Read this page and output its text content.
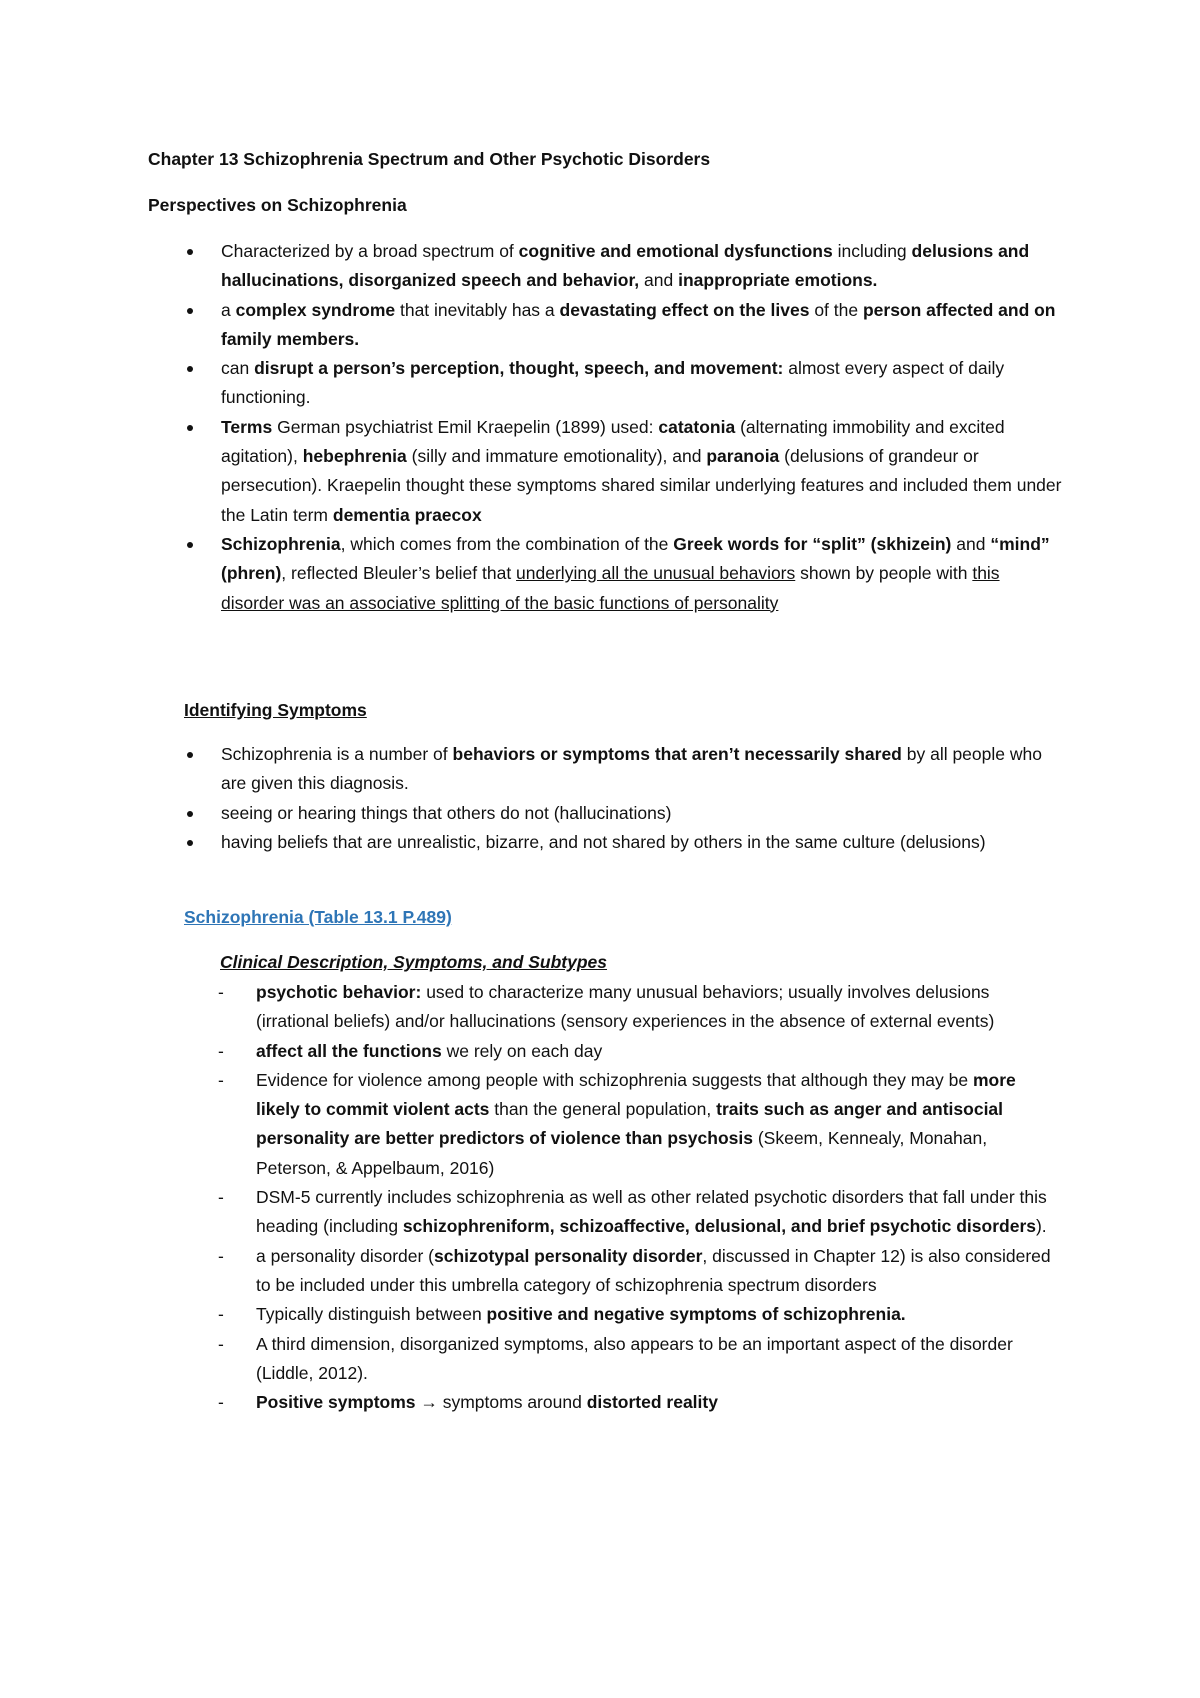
Chapter 13 Schizophrenia Spectrum and Other Psychotic Disorders
Perspectives on Schizophrenia
Characterized by a broad spectrum of cognitive and emotional dysfunctions including delusions and hallucinations, disorganized speech and behavior, and inappropriate emotions.
a complex syndrome that inevitably has a devastating effect on the lives of the person affected and on family members.
can disrupt a person’s perception, thought, speech, and movement: almost every aspect of daily functioning.
Terms German psychiatrist Emil Kraepelin (1899) used: catatonia (alternating immobility and excited agitation), hebephrenia (silly and immature emotionality), and paranoia (delusions of grandeur or persecution). Kraepelin thought these symptoms shared similar underlying features and included them under the Latin term dementia praecox
Schizophrenia, which comes from the combination of the Greek words for “split” (skhizein) and “mind” (phren), reflected Bleuler’s belief that underlying all the unusual behaviors shown by people with this disorder was an associative splitting of the basic functions of personality
Identifying Symptoms
Schizophrenia is a number of behaviors or symptoms that aren’t necessarily shared by all people who are given this diagnosis.
seeing or hearing things that others do not (hallucinations)
having beliefs that are unrealistic, bizarre, and not shared by others in the same culture (delusions)
Schizophrenia (Table 13.1 P.489)
Clinical Description, Symptoms, and Subtypes
- psychotic behavior: used to characterize many unusual behaviors; usually involves delusions (irrational beliefs) and/or hallucinations (sensory experiences in the absence of external events)
- affect all the functions we rely on each day
- Evidence for violence among people with schizophrenia suggests that although they may be more likely to commit violent acts than the general population, traits such as anger and antisocial personality are better predictors of violence than psychosis (Skeem, Kennealy, Monahan, Peterson, & Appelbaum, 2016)
- DSM-5 currently includes schizophrenia as well as other related psychotic disorders that fall under this heading (including schizophreniform, schizoaffective, delusional, and brief psychotic disorders).
- a personality disorder (schizotypal personality disorder, discussed in Chapter 12) is also considered to be included under this umbrella category of schizophrenia spectrum disorders
- Typically distinguish between positive and negative symptoms of schizophrenia.
- A third dimension, disorganized symptoms, also appears to be an important aspect of the disorder (Liddle, 2012).
- Positive symptoms → symptoms around distorted reality
